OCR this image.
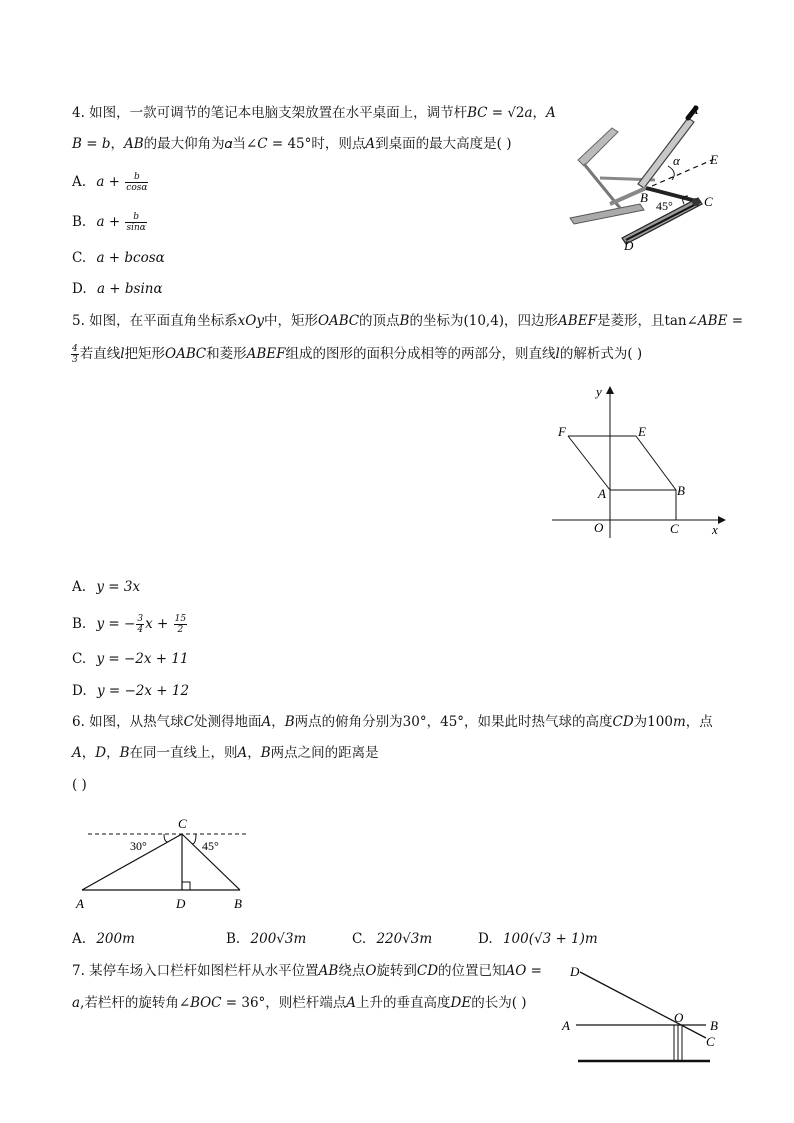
4. 如图，一款可调节的笔记本电脑支架放置在水平桌面上，调节杆𝐵𝐶 = √2𝑎，𝐴
𝐵 = 𝑏，𝐴𝐵的最大仰角为𝛼当∠𝐶 = 45°时，则点𝐴到桌面的最大高度是( )
A. 𝑎 + $\frac{\text{𝑏}}{\text{cos𝛼}}$
B. 𝑎 + $\frac{\text{𝑏}}{\text{sin𝛼}}$
C. 𝑎 + 𝑏𝑐𝑜𝑠𝛼
D. 𝑎 + 𝑏𝑠𝑖𝑛𝛼
A
E
α
B
45° C
D
5. 如图，在平面直角坐标系𝑥𝑂𝑦中，矩形𝑂𝐴𝐵𝐶的顶点𝐵的坐标为(10,4)，四边形𝐴𝐵𝐸𝐹是菱形，且tan∠𝐴𝐵𝐸 =
$\frac{4}{3}$ 若直线𝑙把矩形𝑂𝐴𝐵𝐶和菱形𝐴𝐵𝐸𝐹组成的图形的面积分成相等的两部分，则直线𝑙的解析式为( )
y
x
F	E
A	B
O	C
A. 𝑦 = 3𝑥
B. 𝑦 = − $\frac{3}{4}$ 𝑥 + $\frac{15}{2}$
C. 𝑦 = −2𝑥 + 11
D. 𝑦 = −2𝑥 + 12
6. 如图，从热气球𝐶处测得地面𝐴，𝐵两点的俯角分别为30°，45°，如果此时热气球的高度𝐶𝐷为100𝑚，点
𝐴，𝐷，𝐵在同一直线上，则𝐴，𝐵两点之间的距离是
( )
C
30°	45°
A	D	B
A. 200𝑚	B. 200√3𝑚	C. 220√3𝑚	D. 100(√3 + 1)𝑚
7. 某停车场入口栏杆如图栏杆从水平位置𝐴𝐵绕点𝑂旋转到𝐶𝐷的位置已知𝐴𝑂 =
𝑎,若栏杆的旋转角∠𝐵𝑂𝐶 = 36°，则栏杆端点𝐴上升的垂直高度𝐷𝐸的长为( )
D
A
O
B
C
